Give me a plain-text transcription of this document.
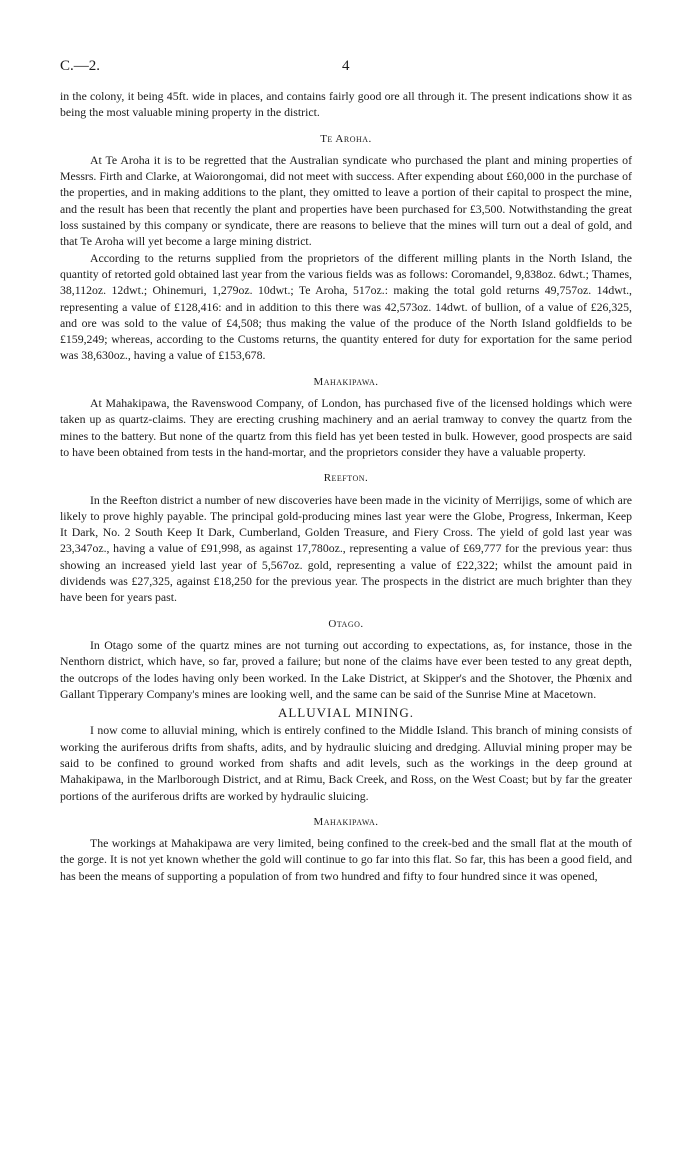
C.—2.	4

in the colony, it being 45ft. wide in places, and contains fairly good ore all through it. The present indications show it as being the most valuable mining property in the district.

Te Aroha.

At Te Aroha it is to be regretted that the Australian syndicate who purchased the plant and mining properties of Messrs. Firth and Clarke, at Waiorongomai, did not meet with success. After expending about £60,000 in the purchase of the properties, and in making additions to the plant, they omitted to leave a portion of their capital to prospect the mine, and the result has been that recently the plant and properties have been purchased for £3,500. Notwithstanding the great loss sustained by this company or syndicate, there are reasons to believe that the mines will turn out a deal of gold, and that Te Aroha will yet become a large mining district.

According to the returns supplied from the proprietors of the different milling plants in the North Island, the quantity of retorted gold obtained last year from the various fields was as follows: Coromandel, 9,838oz. 6dwt.; Thames, 38,112oz. 12dwt.; Ohinemuri, 1,279oz. 10dwt.; Te Aroha, 517oz.: making the total gold returns 49,757oz. 14dwt., representing a value of £128,416: and in addition to this there was 42,573oz. 14dwt. of bullion, of a value of £26,325, and ore was sold to the value of £4,508; thus making the value of the produce of the North Island goldfields to be £159,249; whereas, according to the Customs returns, the quantity entered for duty for exportation for the same period was 38,630oz., having a value of £153,678.

Mahakipawa.

At Mahakipawa, the Ravenswood Company, of London, has purchased five of the licensed holdings which were taken up as quartz-claims. They are erecting crushing machinery and an aerial tramway to convey the quartz from the mines to the battery. But none of the quartz from this field has yet been tested in bulk. However, good prospects are said to have been obtained from tests in the hand-mortar, and the proprietors consider they have a valuable property.

Reefton.

In the Reefton district a number of new discoveries have been made in the vicinity of Merrijigs, some of which are likely to prove highly payable. The principal gold-producing mines last year were the Globe, Progress, Inkerman, Keep It Dark, No. 2 South Keep It Dark, Cumberland, Golden Treasure, and Fiery Cross. The yield of gold last year was 23,347oz., having a value of £91,998, as against 17,780oz., representing a value of £69,777 for the previous year: thus showing an increased yield last year of 5,567oz. gold, representing a value of £22,322; whilst the amount paid in dividends was £27,325, against £18,250 for the previous year. The prospects in the district are much brighter than they have been for years past.

Otago.

In Otago some of the quartz mines are not turning out according to expectations, as, for instance, those in the Nenthorn district, which have, so far, proved a failure; but none of the claims have ever been tested to any great depth, the outcrops of the lodes having only been worked. In the Lake District, at Skipper's and the Shotover, the Phœnix and Gallant Tipperary Company's mines are looking well, and the same can be said of the Sunrise Mine at Macetown.

ALLUVIAL MINING.

I now come to alluvial mining, which is entirely confined to the Middle Island. This branch of mining consists of working the auriferous drifts from shafts, adits, and by hydraulic sluicing and dredging. Alluvial mining proper may be said to be confined to ground worked from shafts and adit levels, such as the workings in the deep ground at Mahakipawa, in the Marlborough District, and at Rimu, Back Creek, and Ross, on the West Coast; but by far the greater portions of the auriferous drifts are worked by hydraulic sluicing.

Mahakipawa.

The workings at Mahakipawa are very limited, being confined to the creek-bed and the small flat at the mouth of the gorge. It is not yet known whether the gold will continue to go far into this flat. So far, this has been a good field, and has been the means of supporting a population of from two hundred and fifty to four hundred since it was opened,
